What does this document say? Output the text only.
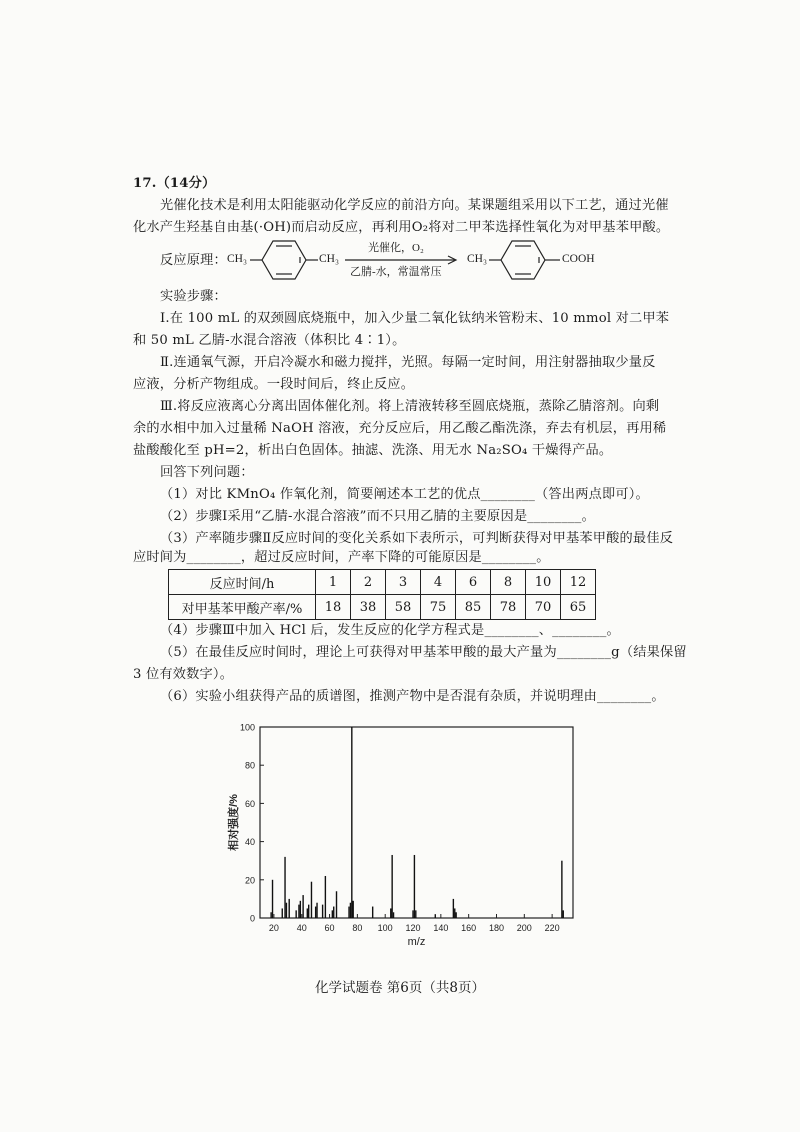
17.（14分）
光催化技术是利用太阳能驱动化学反应的前沿方向。某课题组采用以下工艺，通过光催
化水产生羟基自由基(·OH)而启动反应，再利用O₂将对二甲苯选择性氧化为对甲基苯甲酸。
反应原理： CH₃	CH₃
光催化，O₂
乙腈-水，常温常压
CH₃	COOH
实验步骤：
Ⅰ.在 100 mL 的双颈圆底烧瓶中，加入少量二氧化钛纳米管粉末、10 mmol 对二甲苯
和 50 mL 乙腈-水混合溶液（体积比 4∶1）。
Ⅱ.连通氧气源，开启冷凝水和磁力搅拌，光照。每隔一定时间，用注射器抽取少量反
应液，分析产物组成。一段时间后，终止反应。
Ⅲ.将反应液离心分离出固体催化剂。将上清液转移至圆底烧瓶，蒸除乙腈溶剂。向剩
余的水相中加入过量稀 NaOH 溶液，充分反应后，用乙酸乙酯洗涤，弃去有机层，再用稀
盐酸酸化至 pH=2，析出白色固体。抽滤、洗涤、用无水 Na₂SO₄ 干燥得产品。
回答下列问题：
（1）对比 KMnO₄ 作氧化剂，简要阐述本工艺的优点________（答出两点即可）。
（2）步骤Ⅰ采用“乙腈-水混合溶液”而不只用乙腈的主要原因是________。
（3）产率随步骤Ⅱ反应时间的变化关系如下表所示，可判断获得对甲基苯甲酸的最佳反
应时间为________，超过反应时间，产率下降的可能原因是________。
反应时间/h	1	2	3	4	6	8	10	12
对甲基苯甲酸产率/%	18	38	58	75	85	78	70	65
（4）步骤Ⅲ中加入 HCl 后，发生反应的化学方程式是________、________。
（5）在最佳反应时间时，理论上可获得对甲基苯甲酸的最大产量为________g（结果保留
3 位有效数字）。
（6）实验小组获得产品的质谱图，推测产物中是否混有杂质，并说明理由________。
0
20
40
60
80
100
20 40 60 80 100 120 140 160 180 200 220
m/z
相对强度/%
化学试题卷 第6页（共8页）
